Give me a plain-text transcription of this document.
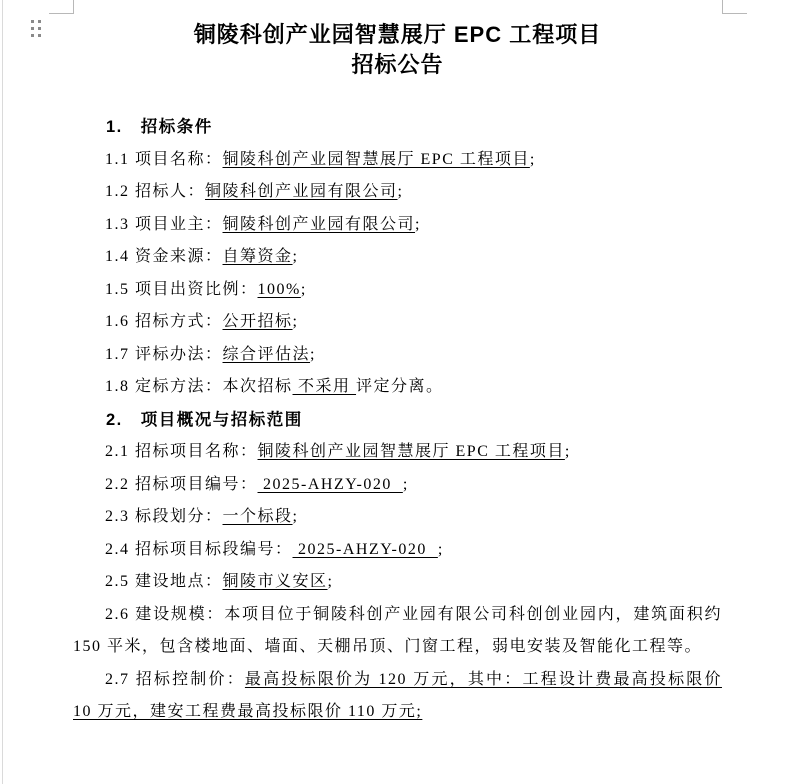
铜陵科创产业园智慧展厅 EPC 工程项目
招标公告

1.　招标条件

1.1 项目名称：铜陵科创产业园智慧展厅 EPC 工程项目;

1.2 招标人：铜陵科创产业园有限公司;

1.3 项目业主：铜陵科创产业园有限公司;

1.4 资金来源：自筹资金;

1.5 项目出资比例：100%;

1.6 招标方式：公开招标;

1.7 评标办法：综合评估法;

1.8 定标方法：本次招标 不采用 评定分离。

2.　项目概况与招标范围

2.1 招标项目名称：铜陵科创产业园智慧展厅 EPC 工程项目;

2.2 招标项目编号： 2025-AHZY-020  ;

2.3 标段划分：一个标段;

2.4 招标项目标段编号： 2025-AHZY-020  ;

2.5 建设地点：铜陵市义安区;

2.6 建设规模：本项目位于铜陵科创产业园有限公司科创创业园内，建筑面积约 150 平米，包含楼地面、墙面、天棚吊顶、门窗工程，弱电安装及智能化工程等。

2.7 招标控制价：最高投标限价为 120 万元，其中：工程设计费最高投标限价 10 万元，建安工程费最高投标限价 110 万元;
